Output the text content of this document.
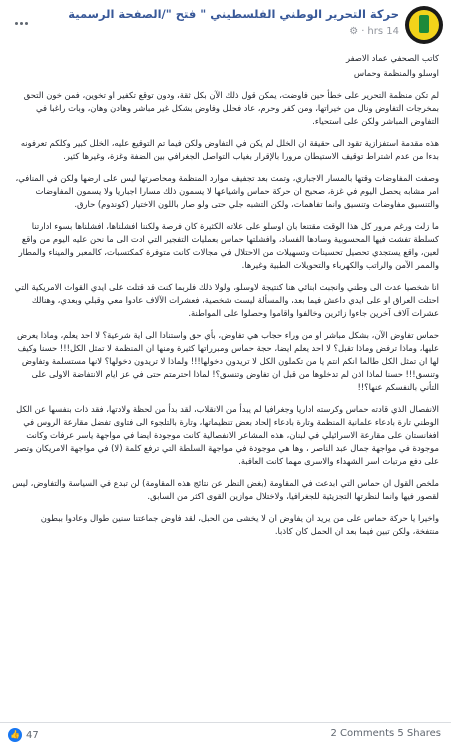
حركة التحرير الوطني الفلسطيني " فتح "/الصفحة الرسمية
14 hrs
·
⚙

كاتب الصحفي عماد الاصفر

اوسلو والمنظمة وحماس

لم تكن منظمة التحرير على خطأ حين فاوضت، يمكن قول ذلك الآن بكل ثقة، ودون توقع تكفير او تخوين، فمن خون التحق بمخرجات التفاوض ونال من خيراتها، ومن كفر وحرم، عاد فحلل وفاوض بشكل غير مباشر وهادن وهان، وبات راغبا في التفاوض المباشر ولكن على استحياء.

هذه مقدمة استفزازية تقود الى حقيقة ان الخلل لم يكن في التفاوض ولكن فيما تم التوقيع عليه، الخلل كبير وكلكم تعرفونه بدءا من عدم اشتراط توقيف الاستيطان مرورا بالإقرار بغياب التواصل الجغرافي بين الضفة وغزة، وغيرها كثير.

وصفت المفاوضات وقتها بالمسار الاجباري، وتمت بعد تجفيف موارد المنظمة ومحاصرتها ليس على ارضها ولكن في المنافي، امر مشابه يحصل اليوم في غزة، صحيح ان حركة حماس واشياعها لا يسمون ذلك مسارا اجباريا ولا يسمون المفاوضات والتنسيق مفاوضات وتنسيق وانما تفاهمات، ولكن التشبه جلي حتى ولو صار باللون الاختيار (كوندوم) حارق.

ما زلت ورغم مرور كل هذا الوقت مقتنعا بان اوسلو على علاته الكثيرة كان فرصة ولكننا افشلناها، افشلناها بسوء ادارتنا كسلطة تفشت فيها المحسوبية وسادها الفساد، وافشلتها حماس بعمليات التفجير التي ادت الى ما نحن عليه اليوم من واقع لعين، واقع يستجدي تحصيل تحسينات وتسهيلات من الاحتلال في مجالات كانت متوفرة كمكتسبات، كالمعبر والميناء والمطار والممر الآمن والراتب والكهرباء والتحويلات الطبية وغيرها.

انا شخصيا عدت الى وطني وانجبت ابنائي هنا كنتيجة لاوسلو، ولولا ذلك فلربما كنت قد قتلت على ايدي القوات الامريكية التي احتلت العراق او على ايدي داعش فيما بعد، والمسألة ليست شخصية، فعشرات الآلاف عادوا معي وقبلي وبعدي، وهنالك عشرات آلاف آخرين جاءوا زائرين وخالفوا واقاموا وحصلوا على المواطنة.

حماس تفاوض الآن، بشكل مباشر او من وراء حجاب هي تفاوض، بأي حق واستنادا الى اية شرعية؟ لا احد يعلم، وماذا يعرض عليها، وماذا ترفض وماذا تقبل؟ لا احد يعلم ايضا، حجة حماس ومبرراتها كثيرة ومنها ان المنظمة لا تمثل الكل!!! حسنا وكيف لها ان تمثل الكل طالما انكم انتم يا من تكملون الكل لا تريدون دخولها!!! ولماذا لا تريدون دخولها؟ لانها مستسلمة وتفاوض وتنسق!!! حسنا لماذا اذن لم تدخلوها من قبل ان تفاوض وتنسق؟! لماذا احترمتم حتى في عز ايام الانتفاضة الاولى على التأني بالنفسكم عنها؟!!

الانفصال الذي قادته حماس وكرسته اداريا وجغرافيا لم يبدأ من الانقلاب، لقد بدأ من لحظة ولادتها، فقد ذات بنفسها عن الكل الوطني تارة بادعاء علمانية المنظمة وتارة بادعاء إلحاد بعض تنظيماتها، وتارة بالتلجوء الى فتاوى تفضل مقارعة الروس في افغانستان على مقارعة الاسرائيلي في لبنان، هذه المشاعر الانفصالية كانت موجودة ايضا في مواجهة ياسر عرفات وكانت موجودة في مواجهة جمال عبد الناصر ، وها هي موجودة في مواجهة السلطة التي ترفع كلمة (لا) في مواجهة الامريكان وتصر على دفع مرتبات اسر الشهداء والاسرى مهما كانت العاقبة.

ملخص القول ان حماس التي ابدعت في المقاومة (بغض النظر عن نتائج هذه المقاومة) لن تبدع في السياسة والتفاوض، ليس لقصور فيها وانما لنظرتها التجزيئية للجغرافيا، ولاختلال موازين القوى اكثر من السابق.

واخيرا يا حركة حماس على من يريد ان يفاوض ان لا يخشى من الحبل، لقد فاوض جماعتنا سنين طوال وعادوا ببطون منتفخة، ولكن تبين فيما بعد ان الحمل كان كاذبا.

👍 47	2 Comments 5 Shares
